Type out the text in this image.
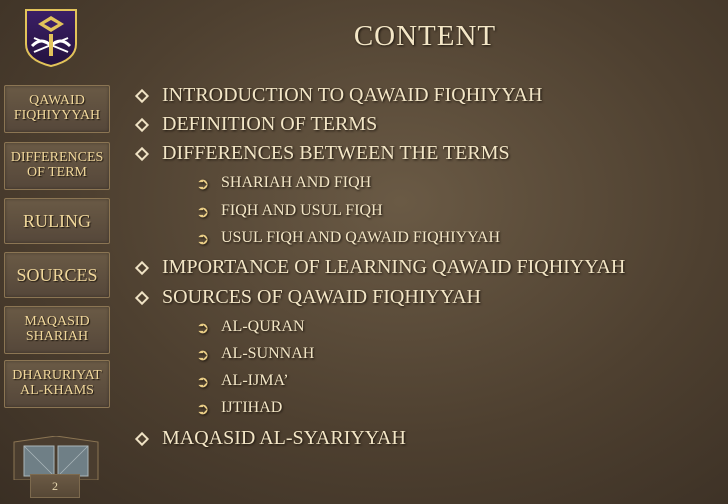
CONTENT
QAWAID
FIQHIYYYAH
DIFFERENCES
OF TERM
RULING
SOURCES
MAQASID
SHARIAH
DHARURIYAT
AL-KHAMS
2
INTRODUCTION TO QAWAID FIQHIYYAH
DEFINITION OF TERMS
DIFFERENCES BETWEEN THE TERMS
➲ SHARIAH AND FIQH
➲ FIQH AND USUL FIQH
➲ USUL FIQH AND QAWAID FIQHIYYAH
IMPORTANCE OF LEARNING QAWAID FIQHIYYAH
SOURCES OF QAWAID FIQHIYYAH
➲ AL-QURAN
➲ AL-SUNNAH
➲ AL-IJMA’
➲ IJTIHAD
MAQASID AL-SYARIYYAH
